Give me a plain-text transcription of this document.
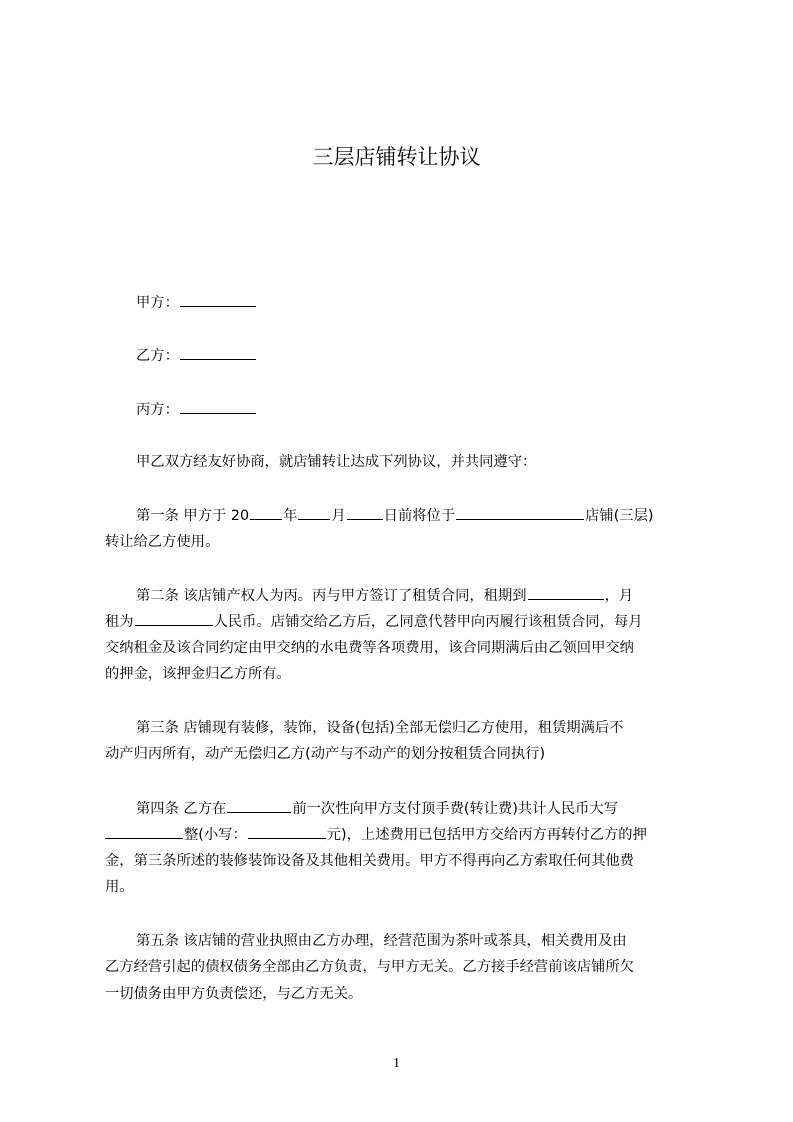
三层店铺转让协议
甲方：
乙方：
丙方：
甲乙双方经友好协商，就店铺转让达成下列协议，并共同遵守：
第一条 甲方于 20 年 月	日前将位于	店铺(三层)
转让给乙方使用。
第二条 该店铺产权人为丙。丙与甲方签订了租赁合同，租期到	，月
租为	人民币。店铺交给乙方后，乙同意代替甲向丙履行该租赁合同，每月
交纳租金及该合同约定由甲交纳的水电费等各项费用，该合同期满后由乙领回甲交纳
的押金，该押金归乙方所有。
第三条 店铺现有装修，装饰，设备(包括)全部无偿归乙方使用，租赁期满后不
动产归丙所有，动产无偿归乙方(动产与不动产的划分按租赁合同执行)
第四条 乙方在	前一次性向甲方支付顶手费(转让费)共计人民币大写
整(小写：	元)，上述费用已包括甲方交给丙方再转付乙方的押
金，第三条所述的装修装饰设备及其他相关费用。甲方不得再向乙方索取任何其他费
用。
第五条 该店铺的营业执照由乙方办理，经营范围为茶叶或茶具，相关费用及由
乙方经营引起的债权债务全部由乙方负责，与甲方无关。乙方接手经营前该店铺所欠
一切债务由甲方负责偿还，与乙方无关。
1
